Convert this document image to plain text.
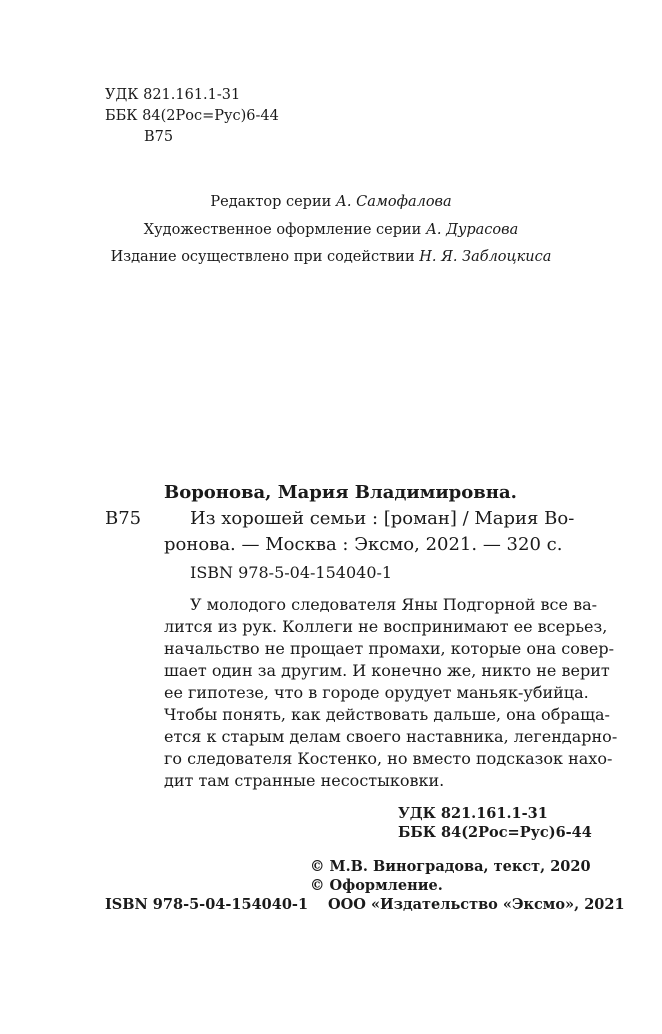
УДК 821.161.1-31
ББК 84(2Рос=Рус)6-44
В75
Редактор серии А. Самофалова
Художественное оформление серии А. Дурасова
Издание осуществлено при содействии Н. Я. Заблоцкиса
Воронова, Мария Владимировна.
В75	Из хорошей семьи : [роман] / Мария Во-
ронова. — Москва : Эксмо, 2021. — 320 с.
ISBN 978-5-04-154040-1
У молодого следователя Яны Подгорной все ва-
лится из рук. Коллеги не воспринимают ее всерьез,
начальство не прощает промахи, которые она совер-
шает один за другим. И конечно же, никто не верит
ее гипотезе, что в городе орудует маньяк-убийца.
Чтобы понять, как действовать дальше, она обраща-
ется к старым делам своего наставника, легендарно-
го следователя Костенко, но вместо подсказок нахо-
дит там странные несостыковки.
УДК 821.161.1-31
ББК 84(2Рос=Рус)6-44
© М.В. Виноградова, текст, 2020
© Оформление.
ISBN 978-5-04-154040-1 ООО «Издательство «Эксмо», 2021
